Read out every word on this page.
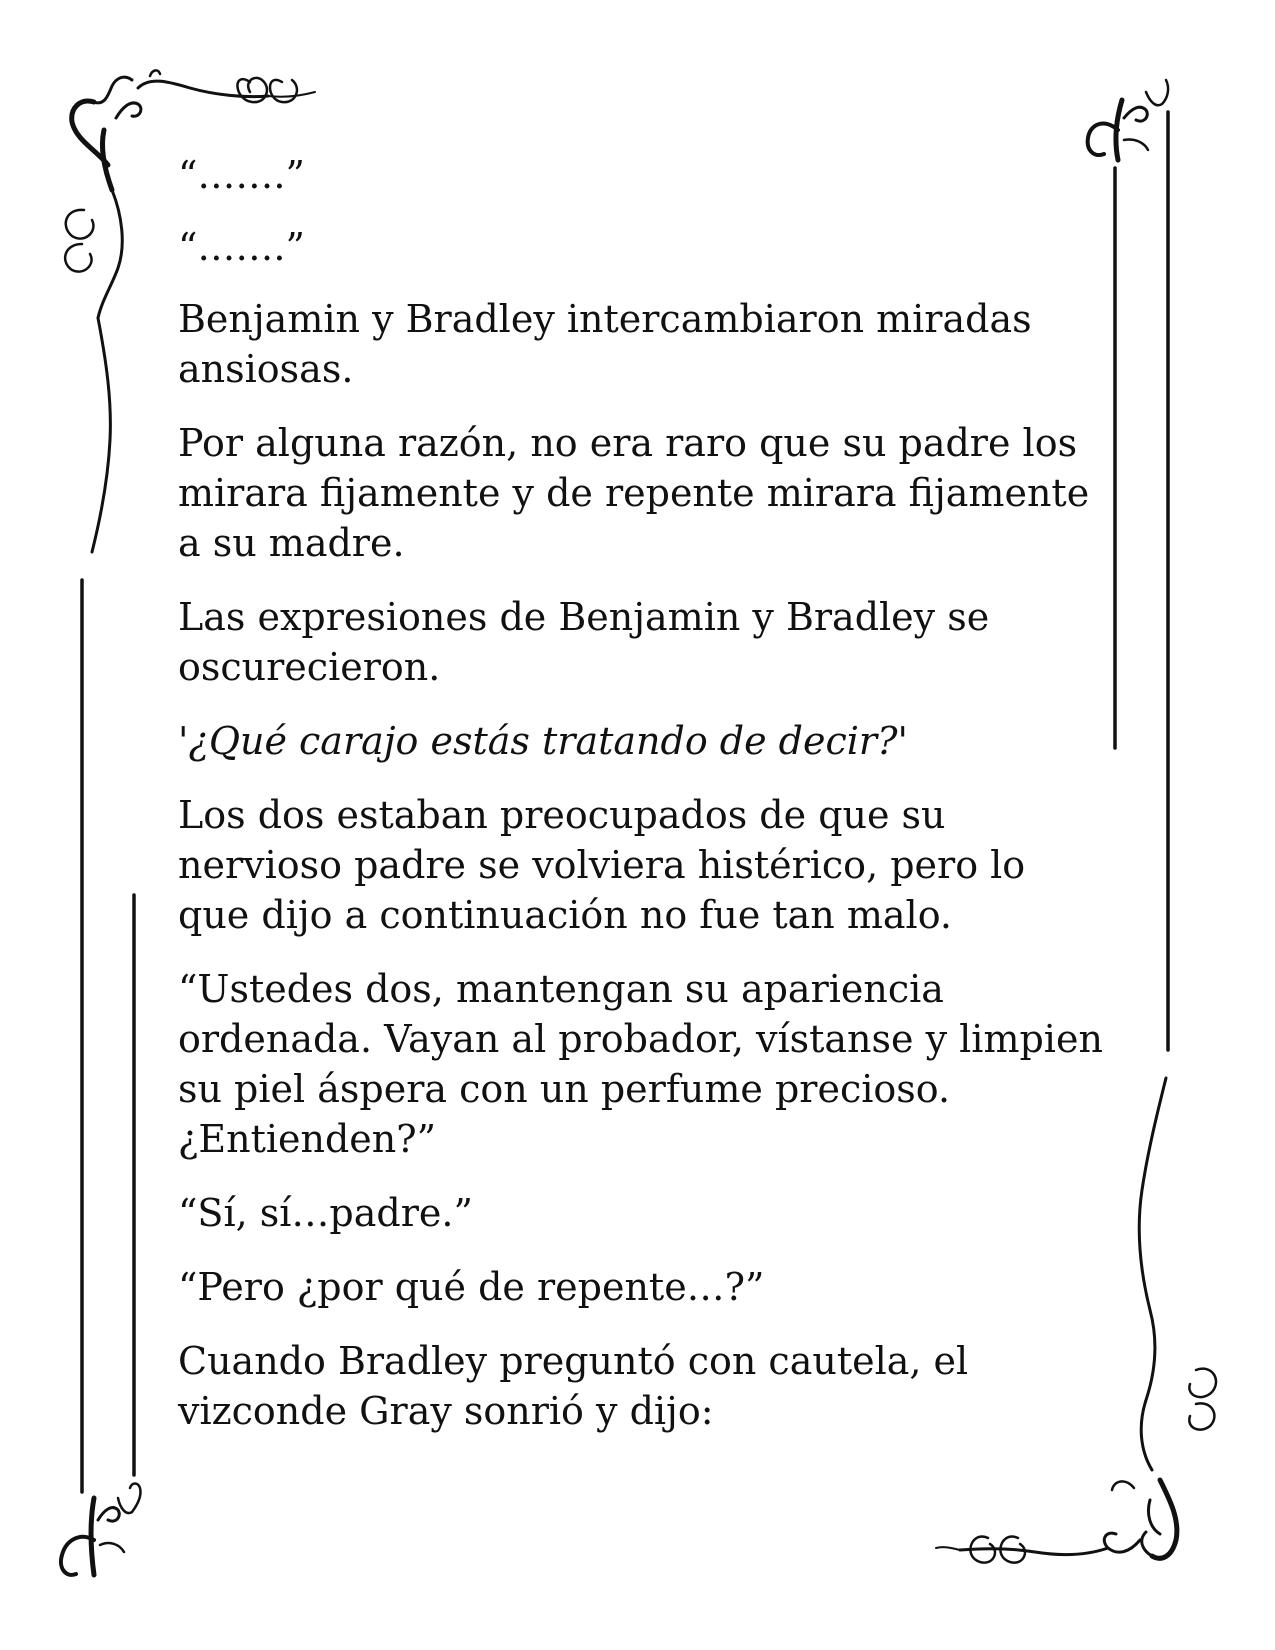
“…….”

“…….”

Benjamin y Bradley intercambiaron miradas ansiosas.

Por alguna razón, no era raro que su padre los mirara fijamente y de repente mirara fijamente a su madre.

Las expresiones de Benjamin y Bradley se oscurecieron.

'¿Qué carajo estás tratando de decir?'

Los dos estaban preocupados de que su nervioso padre se volviera histérico, pero lo que dijo a continuación no fue tan malo.

“Ustedes dos, mantengan su apariencia ordenada. Vayan al probador, vístanse y limpien su piel áspera con un perfume precioso. ¿Entienden?”

“Sí, sí…padre.”

“Pero ¿por qué de repente…?”

Cuando Bradley preguntó con cautela, el vizconde Gray sonrió y dijo:
